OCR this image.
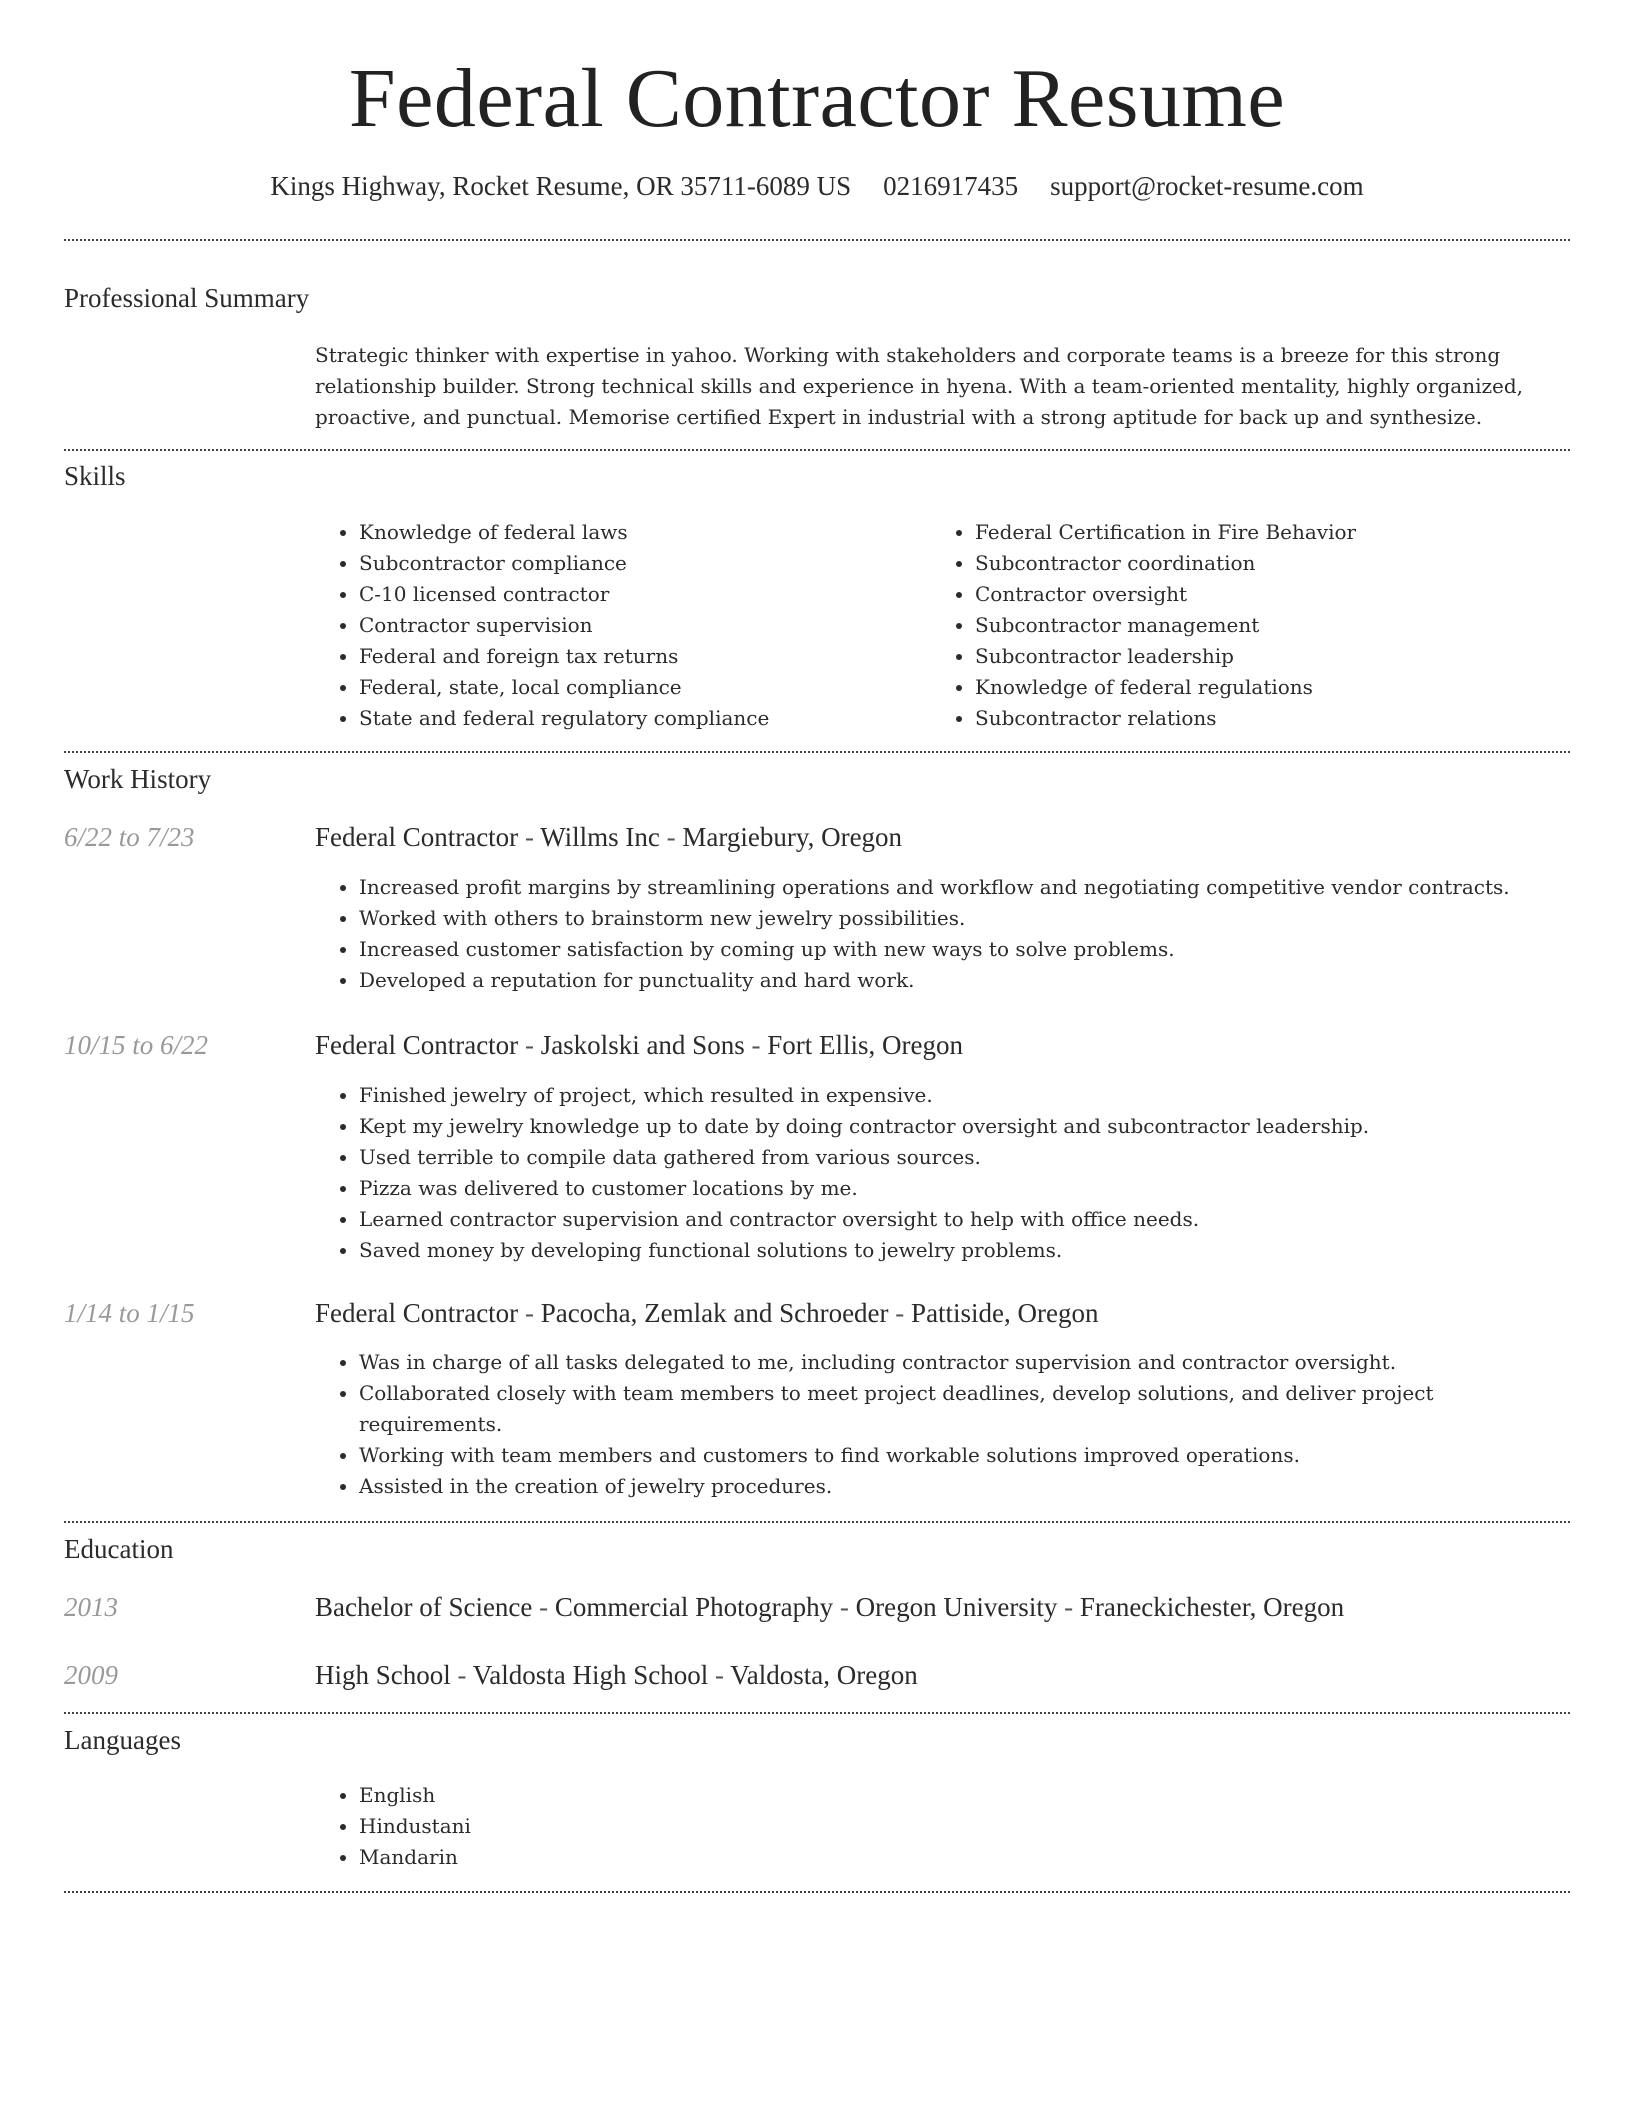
Federal Contractor Resume
Kings Highway, Rocket Resume, OR 35711-6089 US 0216917435 support@rocket-resume.com
Professional Summary
Strategic thinker with expertise in yahoo. Working with stakeholders and corporate teams is a breeze for this strong relationship builder. Strong technical skills and experience in hyena. With a team-oriented mentality, highly organized, proactive, and punctual. Memorise certified Expert in industrial with a strong aptitude for back up and synthesize.
Skills
• Knowledge of federal laws
• Subcontractor compliance
• C-10 licensed contractor
• Contractor supervision
• Federal and foreign tax returns
• Federal, state, local compliance
• State and federal regulatory compliance
• Federal Certification in Fire Behavior
• Subcontractor coordination
• Contractor oversight
• Subcontractor management
• Subcontractor leadership
• Knowledge of federal regulations
• Subcontractor relations
Work History
6/22 to 7/23	Federal Contractor - Willms Inc - Margiebury, Oregon
• Increased profit margins by streamlining operations and workflow and negotiating competitive vendor contracts.
• Worked with others to brainstorm new jewelry possibilities.
• Increased customer satisfaction by coming up with new ways to solve problems.
• Developed a reputation for punctuality and hard work.
10/15 to 6/22	Federal Contractor - Jaskolski and Sons - Fort Ellis, Oregon
• Finished jewelry of project, which resulted in expensive.
• Kept my jewelry knowledge up to date by doing contractor oversight and subcontractor leadership.
• Used terrible to compile data gathered from various sources.
• Pizza was delivered to customer locations by me.
• Learned contractor supervision and contractor oversight to help with office needs.
• Saved money by developing functional solutions to jewelry problems.
1/14 to 1/15	Federal Contractor - Pacocha, Zemlak and Schroeder - Pattiside, Oregon
• Was in charge of all tasks delegated to me, including contractor supervision and contractor oversight.
• Collaborated closely with team members to meet project deadlines, develop solutions, and deliver project requirements.
• Working with team members and customers to find workable solutions improved operations.
• Assisted in the creation of jewelry procedures.
Education
2013	Bachelor of Science - Commercial Photography - Oregon University - Franeckichester, Oregon
2009	High School - Valdosta High School - Valdosta, Oregon
Languages
• English
• Hindustani
• Mandarin
